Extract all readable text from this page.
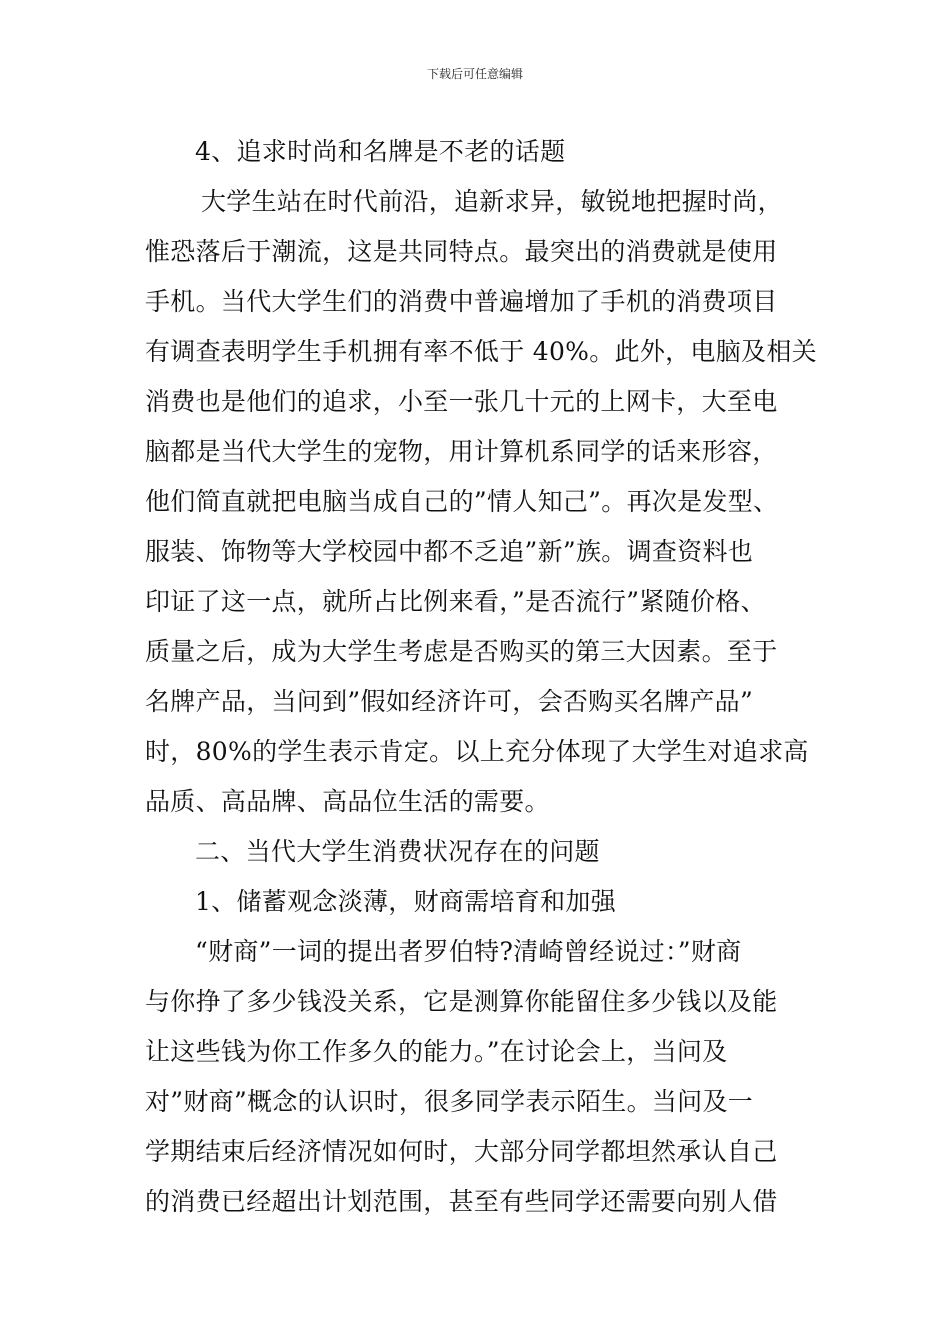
下载后可任意编辑
4、追求时尚和名牌是不老的话题
大学生站在时代前沿，追新求异，敏锐地把握时尚，
惟恐落后于潮流，这是共同特点。最突出的消费就是使用
手机。当代大学生们的消费中普遍增加了手机的消费项目
有调查表明学生手机拥有率不低于 40%。此外，电脑及相关
消费也是他们的追求，小至一张几十元的上网卡，大至电
脑都是当代大学生的宠物，用计算机系同学的话来形容，
他们简直就把电脑当成自己的”情人知己”。再次是发型、
服装、饰物等大学校园中都不乏追”新”族。调查资料也
印证了这一点，就所占比例来看，”是否流行”紧随价格、
质量之后，成为大学生考虑是否购买的第三大因素。至于
名牌产品，当问到”假如经济许可，会否购买名牌产品”
时，80%的学生表示肯定。以上充分体现了大学生对追求高
品质、高品牌、高品位生活的需要。
二、当代大学生消费状况存在的问题
1、储蓄观念淡薄，财商需培育和加强
“财商”一词的提出者罗伯特?清崎曾经说过：”财商
与你挣了多少钱没关系，它是测算你能留住多少钱以及能
让这些钱为你工作多久的能力。”在讨论会上，当问及
对”财商”概念的认识时，很多同学表示陌生。当问及一
学期结束后经济情况如何时，大部分同学都坦然承认自己
的消费已经超出计划范围，甚至有些同学还需要向别人借
